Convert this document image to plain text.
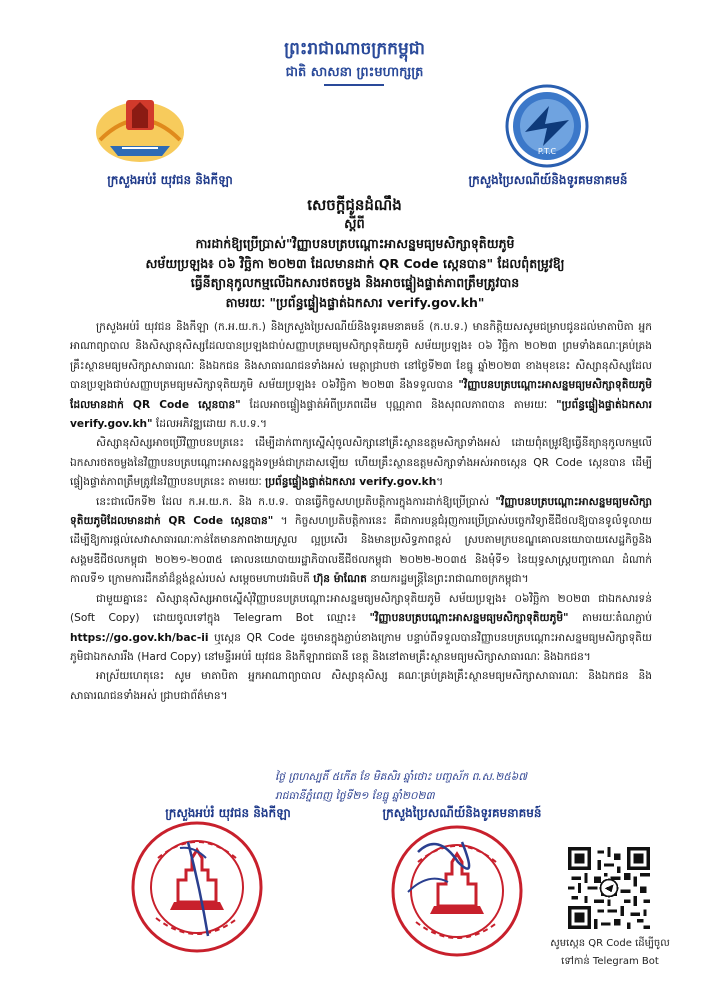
ព្រះរាជាណាចក្រកម្ពុជា
ជាតិ សាសនា ព្រះមហាក្សត្រ
P.T.C
ក្រសួងអប់រំ យុវជន និងកីឡា	ក្រសួងប្រៃសណីយ៍និងទូរគមនាគមន៍
សេចក្តីជូនដំណឹង
ស្តីពី
ការដាក់ឱ្យប្រើប្រាស់"វិញ្ញាបនបត្របណ្តោះអាសន្នមធ្យមសិក្សាទុតិយភូមិ
សម័យប្រឡង៖ ០៦ វិច្ឆិកា ២០២៣ ដែលមានដាក់ QR Code ស្កេនបាន" ដែលពុំតម្រូវឱ្យ
ធ្វើនីត្យានុកូលកម្មលើឯកសារថតចម្លង និងអាចផ្ទៀងផ្ទាត់ភាពត្រឹមត្រូវបាន
តាមរយៈ "ប្រព័ន្ធផ្ទៀងផ្ទាត់ឯកសារ verify.gov.kh"

ក្រសួងអប់រំ យុវជន និងកីឡា (ក.អ.យ.ក.) និងក្រសួងប្រៃសណីយ៍និងទូរគមនាគមន៍ (ក.ប.ទ.) មានកិត្តិយសសូមជម្រាបជូនដល់មាតាបិតា អ្នកអាណាព្យាបាល និងសិស្សានុសិស្សដែលបានប្រឡងជាប់សញ្ញាបត្រមធ្យមសិក្សាទុតិយភូមិ សម័យប្រឡង៖ ០៦ វិច្ឆិកា ២០២៣ ព្រមទាំងគណៈគ្រប់គ្រងគ្រឹះស្ថានមធ្យមសិក្សាសាធារណៈ និងឯកជន និងសាធារណជនទាំងអស់ មេត្តាជ្រាបថា នៅថ្ងៃទី២៣ ខែធ្នូ ឆ្នាំ២០២៣ ខាងមុខនេះ សិស្សានុសិស្សដែលបានប្រឡងជាប់សញ្ញាបត្រមធ្យមសិក្សាទុតិយភូមិ សម័យប្រឡង៖ ០៦វិច្ឆិកា ២០២៣ នឹងទទួលបាន "វិញ្ញាបនបត្របណ្តោះអាសន្នមធ្យមសិក្សាទុតិយភូមិដែលមានដាក់ QR Code ស្កេនបាន" ដែលអាចផ្ទៀងផ្ទាត់អំពីប្រភពដើម បុណ្ណភាព និងសុពលភាពបាន តាមរយៈ "ប្រព័ន្ធផ្ទៀងផ្ទាត់ឯកសារ verify.gov.kh" ដែលអភិវឌ្ឍដោយ ក.ប.ទ.។

សិស្សានុសិស្សអាចប្រើវិញ្ញាបនបត្រនេះ ដើម្បីដាក់ពាក្យស្នើសុំចូលសិក្សានៅគ្រឹះស្ថានឧត្តមសិក្សាទាំងអស់ ដោយពុំតម្រូវឱ្យធ្វើនីត្យានុកូលកម្មលើឯកសារថតចម្លងនៃវិញ្ញាបនបត្របណ្តោះអាសន្នក្នុងទម្រង់ជាក្រដាសឡើយ ហើយគ្រឹះស្ថានឧត្តមសិក្សាទាំងអស់អាចស្កេន QR Code ស្កេនបាន ដើម្បីផ្ទៀងផ្ទាត់ភាពត្រឹមត្រូវនៃវិញ្ញាបនបត្រនេះ តាមរយៈ ប្រព័ន្ធផ្ទៀងផ្ទាត់ឯកសារ verify.gov.kh។

នេះជាលើកទី២ ដែល ក.អ.យ.ក. និង ក.ប.ទ. បានធ្វើកិច្ចសហប្រតិបត្តិការក្នុងការដាក់ឱ្យប្រើប្រាស់ "វិញ្ញាបនបត្របណ្តោះអាសន្នមធ្យមសិក្សាទុតិយភូមិដែលមានដាក់ QR Code ស្កេនបាន" ។ កិច្ចសហប្រតិបត្តិការនេះ គឺជាការបន្តជំរុញការប្រើប្រាស់បច្ចេកវិទ្យាឌីជីថលឱ្យបានទូលំទូលាយ ដើម្បីឱ្យការផ្តល់សេវាសាធារណៈកាន់តែមានភាពងាយស្រួល ល្អប្រសើរ និងមានប្រសិទ្ធភាពខ្ពស់ ស្របតាមក្របខណ្ឌគោលនយោបាយសេដ្ឋកិច្ចនិងសង្គមឌីជីថលកម្ពុជា ២០២១-២០៣៥ គោលនយោបាយរដ្ឋាភិបាលឌីជីថលកម្ពុជា ២០២២-២០៣៥ និងមុំទី១ នៃយុទ្ធសាស្ត្របញ្ចកោណ ដំណាក់កាលទី១ ក្រោមការដឹកនាំដ៏ខ្ពង់ខ្ពស់របស់ សម្តេចមហាបវរធិបតី ហ៊ុន ម៉ាណែត នាយករដ្ឋមន្ត្រីនៃព្រះរាជាណាចក្រកម្ពុជា។

ជាមួយគ្នានេះ សិស្សានុសិស្សអាចស្នើសុំវិញ្ញាបនបត្របណ្តោះអាសន្នមធ្យមសិក្សាទុតិយភូមិ សម័យប្រឡង៖ ០៦វិច្ឆិកា ២០២៣ ជាឯកសារទន់ (Soft Copy) ដោយចូលទៅក្នុង Telegram Bot ឈ្មោះ៖ "វិញ្ញាបនបត្របណ្តោះអាសន្នមធ្យមសិក្សាទុតិយភូមិ" តាមរយៈតំណភ្ជាប់ https://go.gov.kh/bac-ii ឬស្កេន QR Code ដូចមានក្នុងភ្ជាប់ខាងក្រោម បន្ទាប់ពីទទួលបានវិញ្ញាបនបត្របណ្តោះអាសន្នមធ្យមសិក្សាទុតិយភូមិជាឯកសាររឹង (Hard Copy) នៅមន្ទីរអប់រំ យុវជន និងកីឡារាជធានី ខេត្ត និងនៅតាមគ្រឹះស្ថានមធ្យមសិក្សាសាធារណៈ និងឯកជន។

អាស្រ័យហេតុនេះ សូម មាតាបិតា អ្នកអាណាព្យាបាល សិស្សានុសិស្ស គណៈគ្រប់គ្រងគ្រឹះស្ថានមធ្យមសិក្សាសាធារណៈ និងឯកជន និងសាធារណជនទាំងអស់ ជ្រាបជាព័ត៌មាន។

ថ្ងៃ ព្រហស្បតិ៍ ៥កើត ខែ មិគសិរ ឆ្នាំថោះ បញ្ចស័ក ព.ស.២៥៦៧
រាជធានីភ្នំពេញ ថ្ងៃទី២១ ខែធ្នូ ឆ្នាំ២០២៣
ក្រសួងអប់រំ យុវជន និងកីឡា	ក្រសួងប្រៃសណីយ៍និងទូរគមនាគមន៍
សូមស្កេន QR Code ដើម្បីចូល
ទៅកាន់ Telegram Bot
